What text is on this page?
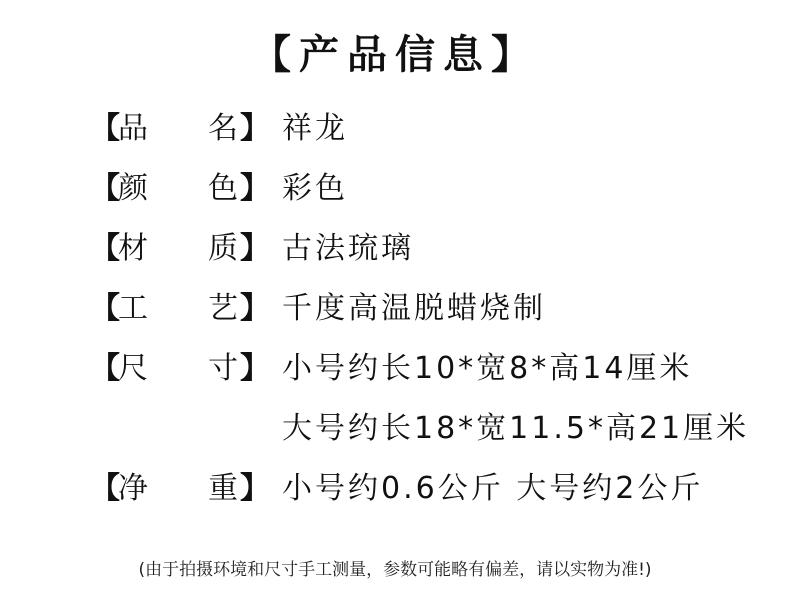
【产品信息】
【
品 名 】 祥龙
【
颜 色 】 彩色
【
材 质 】 古法琉璃
【
工 艺 】 千度高温脱蜡烧制
【
尺 寸 】 小号约长10*宽8*高14厘米
大号约长18*宽11.5*高21厘米
【
净 重 】 小号约0.6公斤 大号约2公斤
(由于拍摄环境和尺寸手工测量，参数可能略有偏差，请以实物为准!)
